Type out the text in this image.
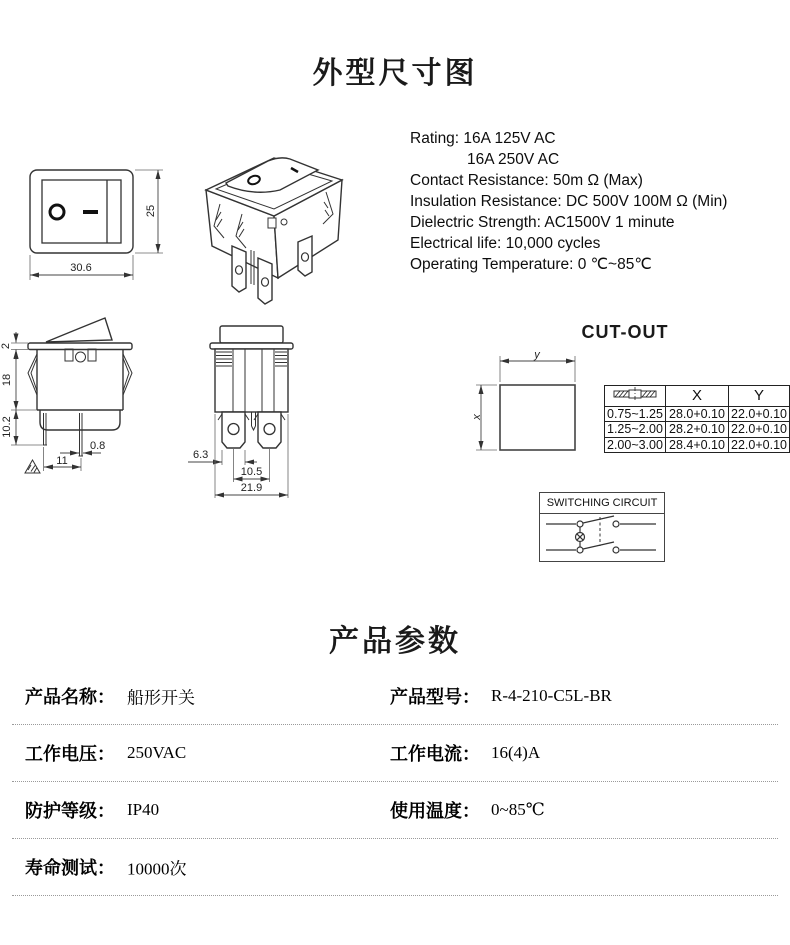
外型尺寸图
25
30.6
Rating: 16A 125V AC
16A 250V AC
Contact Resistance: 50m Ω (Max)
Insulation Resistance: DC 500V 100M Ω (Min)
Dielectric Strength: AC1500V 1 minute
Electrical life: 10,000 cycles
Operating Temperature: 0 ℃~85℃
2
18
10.2
0.8
11	6.3
10.5
21.9
CUT-OUT
y
x
	X	Y
0.75~1.25	28.0+0.10	22.0+0.10
1.25~2.00	28.2+0.10	22.0+0.10
2.00~3.00	28.4+0.10	22.0+0.10
SWITCHING CIRCUIT
产品参数
产品名称： 船形开关	产品型号： R-4-210-C5L-BR
工作电压： 250VAC	工作电流： 16(4)A
防护等级： IP40	使用温度： 0~85℃
寿命测试： 10000次
